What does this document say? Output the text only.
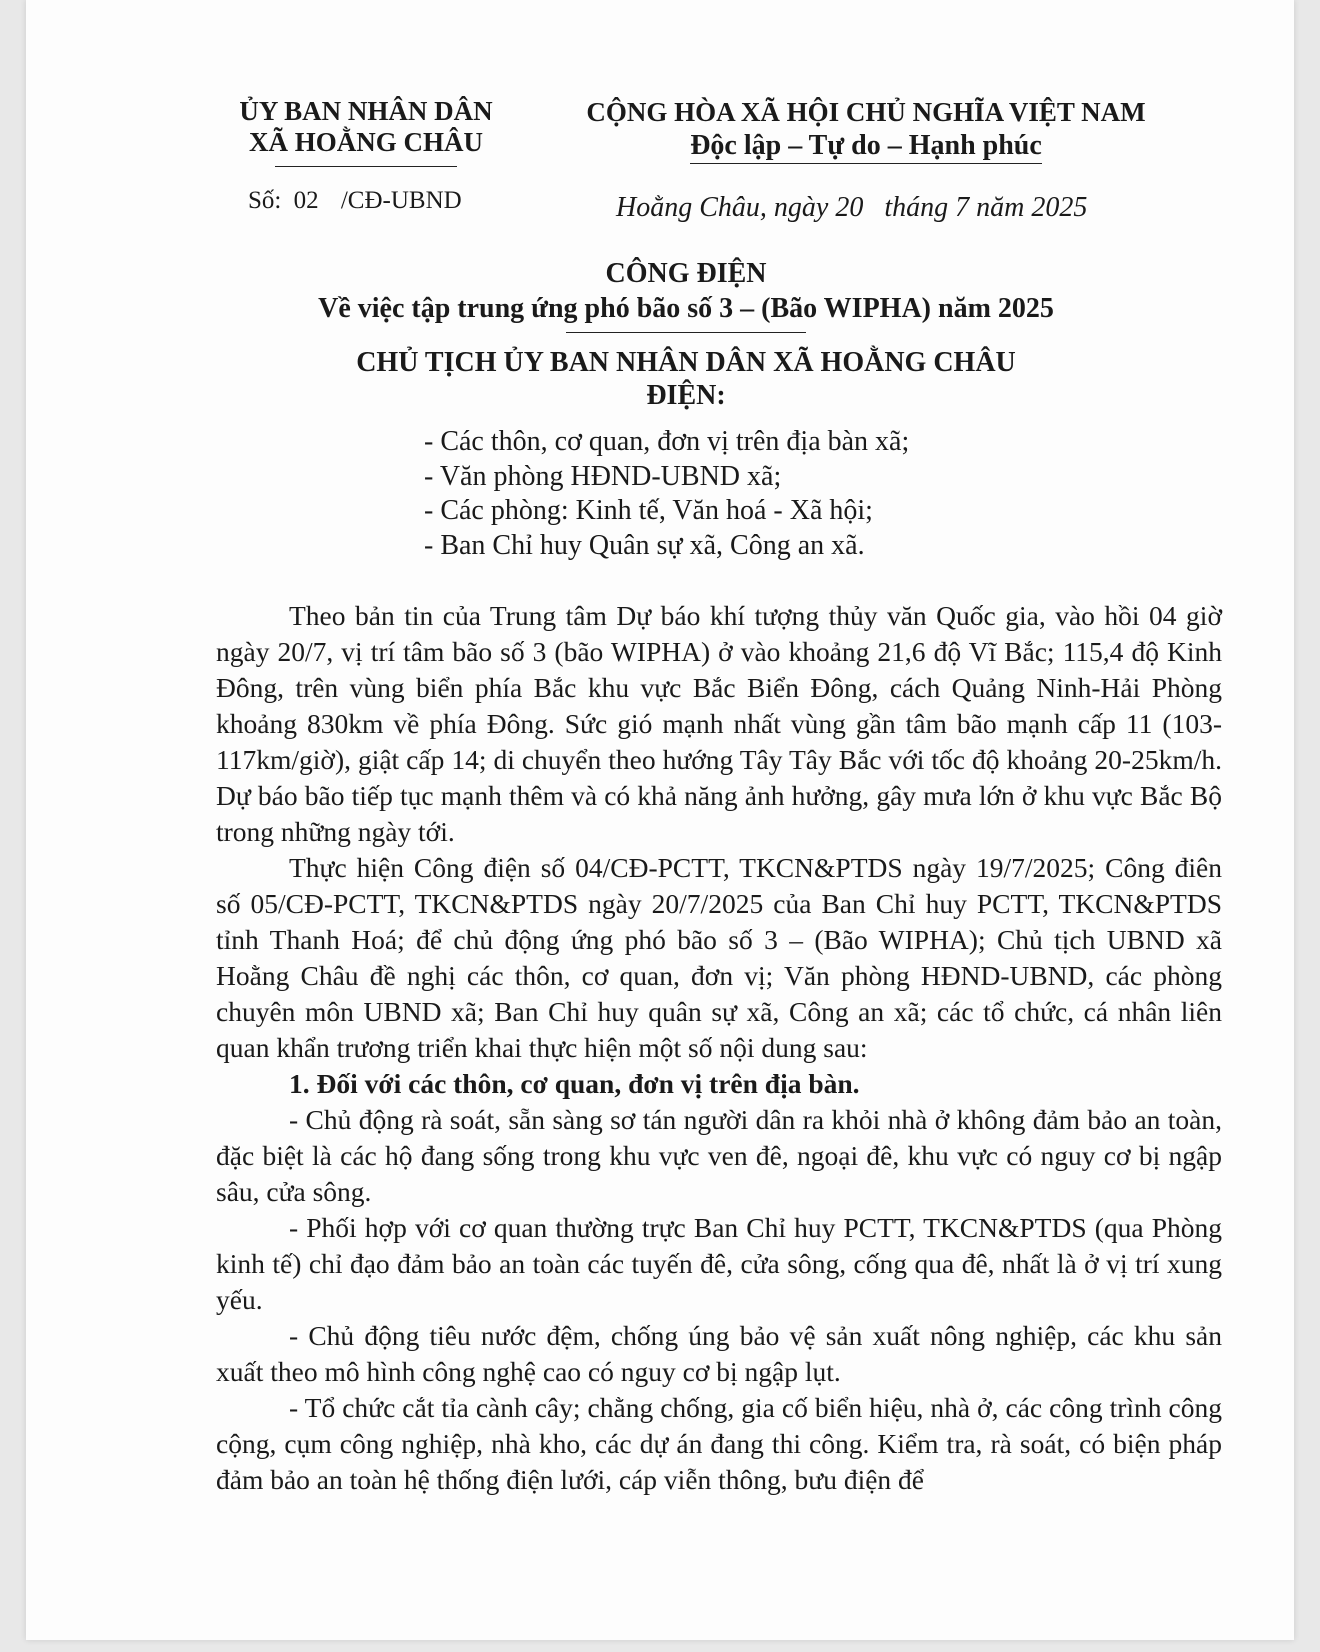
ỦY BAN NHÂN DÂN
XÃ HOẰNG CHÂU
CỘNG HÒA XÃ HỘI CHỦ NGHĨA VIỆT NAM
Độc lập – Tự do – Hạnh phúc
Số: 02 /CĐ-UBND	Hoằng Châu, ngày 20   tháng 7 năm 2025
CÔNG ĐIỆN
Về việc tập trung ứng phó bão số 3 – (Bão WIPHA) năm 2025
CHỦ TỊCH ỦY BAN NHÂN DÂN XÃ HOẰNG CHÂU
ĐIỆN:
- Các thôn, cơ quan, đơn vị trên địa bàn xã;
- Văn phòng HĐND-UBND xã;
- Các phòng: Kinh tế, Văn hoá - Xã hội;
- Ban Chỉ huy Quân sự xã, Công an xã.

Theo bản tin của Trung tâm Dự báo khí tượng thủy văn Quốc gia, vào hồi 04 giờ ngày 20/7, vị trí tâm bão số 3 (bão WIPHA) ở vào khoảng 21,6 độ Vĩ Bắc; 115,4 độ Kinh Đông, trên vùng biển phía Bắc khu vực Bắc Biển Đông, cách Quảng Ninh-Hải Phòng khoảng 830km về phía Đông. Sức gió mạnh nhất vùng gần tâm bão mạnh cấp 11 (103-117km/giờ), giật cấp 14; di chuyển theo hướng Tây Tây Bắc với tốc độ khoảng 20-25km/h. Dự báo bão tiếp tục mạnh thêm và có khả năng ảnh hưởng, gây mưa lớn ở khu vực Bắc Bộ trong những ngày tới.

Thực hiện Công điện số 04/CĐ-PCTT, TKCN&PTDS ngày 19/7/2025; Công điên số 05/CĐ-PCTT, TKCN&PTDS ngày 20/7/2025 của Ban Chỉ huy PCTT, TKCN&PTDS tỉnh Thanh Hoá; để chủ động ứng phó bão số 3 – (Bão WIPHA); Chủ tịch UBND xã Hoằng Châu đề nghị các thôn, cơ quan, đơn vị; Văn phòng HĐND-UBND, các phòng chuyên môn UBND xã; Ban Chỉ huy quân sự xã, Công an xã; các tổ chức, cá nhân liên quan khẩn trương triển khai thực hiện một số nội dung sau:

1. Đối với các thôn, cơ quan, đơn vị trên địa bàn.

- Chủ động rà soát, sẵn sàng sơ tán người dân ra khỏi nhà ở không đảm bảo an toàn, đặc biệt là các hộ đang sống trong khu vực ven đê, ngoại đê, khu vực có nguy cơ bị ngập sâu, cửa sông.

- Phối hợp với cơ quan thường trực Ban Chỉ huy PCTT, TKCN&PTDS (qua Phòng kinh tế) chỉ đạo đảm bảo an toàn các tuyến đê, cửa sông, cống qua đê, nhất là ở vị trí xung yếu.

- Chủ động tiêu nước đệm, chống úng bảo vệ sản xuất nông nghiệp, các khu sản xuất theo mô hình công nghệ cao có nguy cơ bị ngập lụt.

- Tổ chức cắt tỉa cành cây; chằng chống, gia cố biển hiệu, nhà ở, các công trình công cộng, cụm công nghiệp, nhà kho, các dự án đang thi công. Kiểm tra, rà soát, có biện pháp đảm bảo an toàn hệ thống điện lưới, cáp viễn thông, bưu điện để
